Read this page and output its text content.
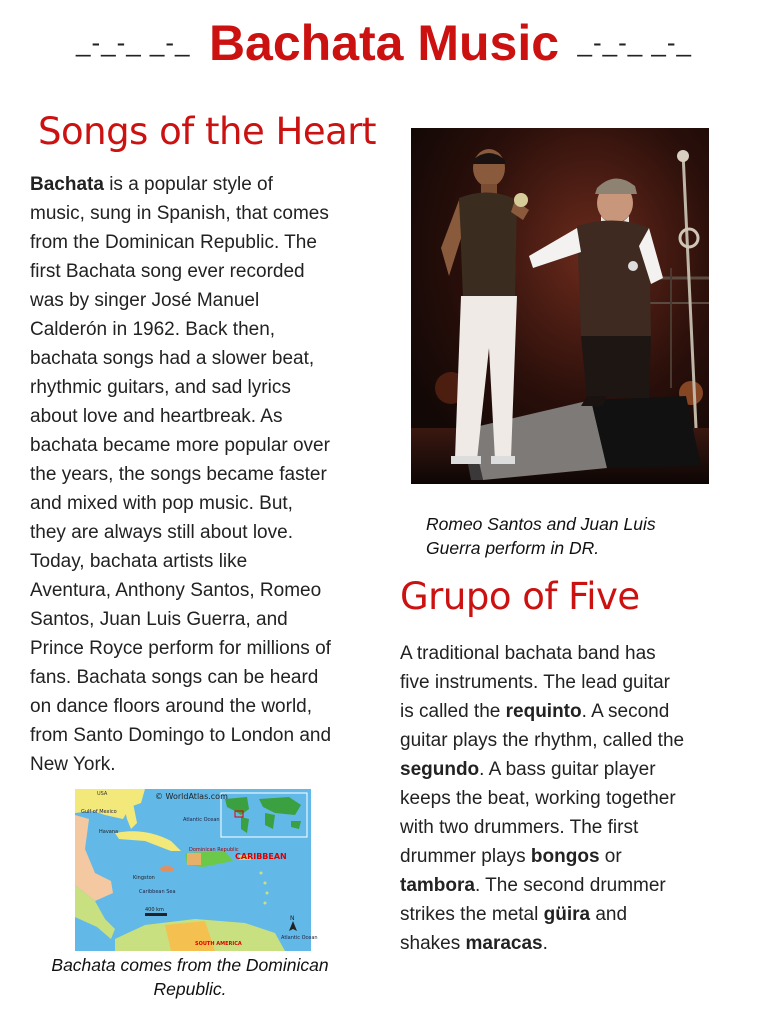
_-_-_ _-_ Bachata Music _-_-_ _-_
Songs of the Heart
Bachata is a popular style of
music, sung in Spanish, that comes
from the Dominican Republic. The
first Bachata song ever recorded
was by singer José Manuel
Calderón in 1962. Back then,
bachata songs had a slower beat,
rhythmic guitars, and sad lyrics
about love and heartbreak. As
bachata became more popular over
the years, the songs became faster
and mixed with pop music. But,
they are always still about love.
Today, bachata artists like
Aventura, Anthony Santos, Romeo
Santos, Juan Luis Guerra, and
Prince Royce perform for millions of
fans. Bachata songs can be heard
on dance floors around the world,
from Santo Domingo to London and
New York.
Romeo Santos and Juan Luis
Guerra perform in DR.
Grupo of Five
A traditional bachata band has
five instruments. The lead guitar
is called the requinto. A second
guitar plays the rhythm, called the
segundo. A bass guitar player
keeps the beat, working together
with two drummers. The first
drummer plays bongos or
tambora. The second drummer
strikes the metal güira and
shakes maracas.
© WorldAtlas.com
USA
Gulf of Mexico
Atlantic Ocean
Havana
Dominican Republic
CARIBBEAN
Caribbean Sea
Kingston
SOUTH AMERICA
Atlantic Ocean
400 km
N
Bachata comes from the Dominican
Republic.
